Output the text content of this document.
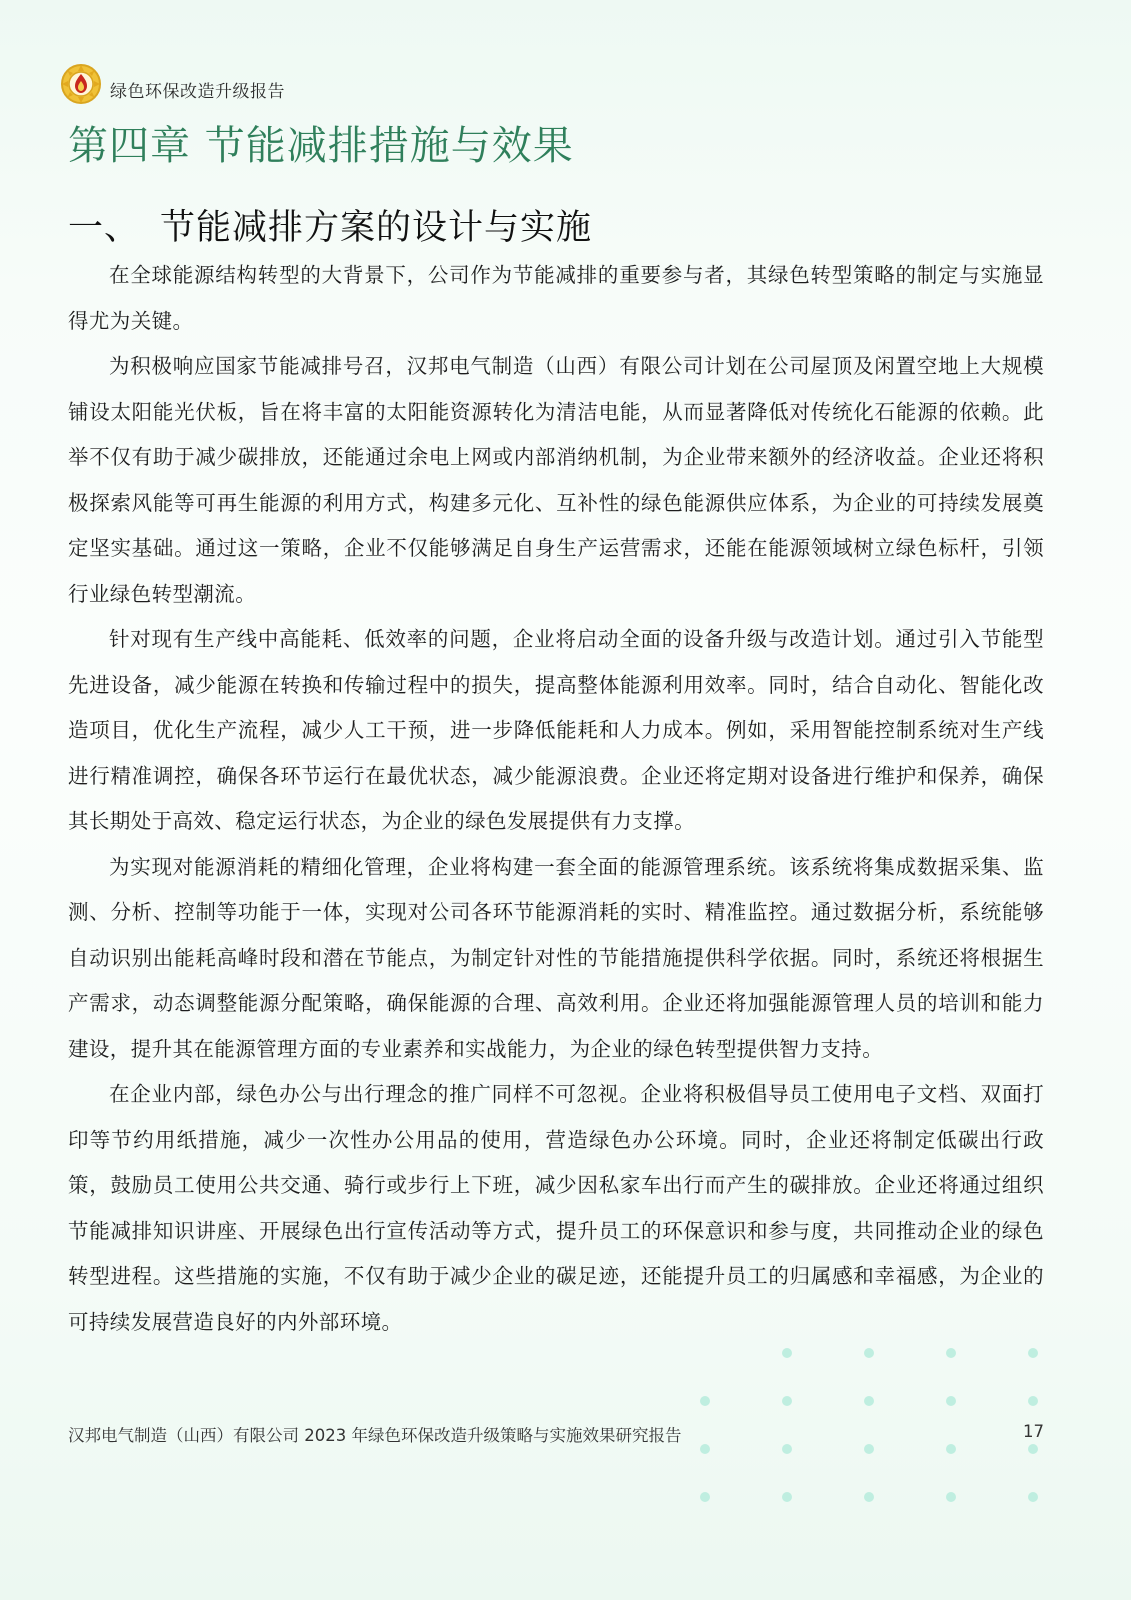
绿色环保改造升级报告
第四章 节能减排措施与效果
一、 节能减排方案的设计与实施

在全球能源结构转型的大背景下，公司作为节能减排的重要参与者，其绿色转型策略的制定与实施显得尤为关键。

为积极响应国家节能减排号召，汉邦电气制造（山西）有限公司计划在公司屋顶及闲置空地上大规模铺设太阳能光伏板，旨在将丰富的太阳能资源转化为清洁电能，从而显著降低对传统化石能源的依赖。此举不仅有助于减少碳排放，还能通过余电上网或内部消纳机制，为企业带来额外的经济收益。企业还将积极探索风能等可再生能源的利用方式，构建多元化、互补性的绿色能源供应体系，为企业的可持续发展奠定坚实基础。通过这一策略，企业不仅能够满足自身生产运营需求，还能在能源领域树立绿色标杆，引领行业绿色转型潮流。

针对现有生产线中高能耗、低效率的问题，企业将启动全面的设备升级与改造计划。通过引入节能型先进设备，减少能源在转换和传输过程中的损失，提高整体能源利用效率。同时，结合自动化、智能化改造项目，优化生产流程，减少人工干预，进一步降低能耗和人力成本。例如，采用智能控制系统对生产线进行精准调控，确保各环节运行在最优状态，减少能源浪费。企业还将定期对设备进行维护和保养，确保其长期处于高效、稳定运行状态，为企业的绿色发展提供有力支撑。

为实现对能源消耗的精细化管理，企业将构建一套全面的能源管理系统。该系统将集成数据采集、监测、分析、控制等功能于一体，实现对公司各环节能源消耗的实时、精准监控。通过数据分析，系统能够自动识别出能耗高峰时段和潜在节能点，为制定针对性的节能措施提供科学依据。同时，系统还将根据生产需求，动态调整能源分配策略，确保能源的合理、高效利用。企业还将加强能源管理人员的培训和能力建设，提升其在能源管理方面的专业素养和实战能力，为企业的绿色转型提供智力支持。

在企业内部，绿色办公与出行理念的推广同样不可忽视。企业将积极倡导员工使用电子文档、双面打印等节约用纸措施，减少一次性办公用品的使用，营造绿色办公环境。同时，企业还将制定低碳出行政策，鼓励员工使用公共交通、骑行或步行上下班，减少因私家车出行而产生的碳排放。企业还将通过组织节能减排知识讲座、开展绿色出行宣传活动等方式，提升员工的环保意识和参与度，共同推动企业的绿色转型进程。这些措施的实施，不仅有助于减少企业的碳足迹，还能提升员工的归属感和幸福感，为企业的可持续发展营造良好的内外部环境。

汉邦电气制造（山西）有限公司 2023 年绿色环保改造升级策略与实施效果研究报告	17
